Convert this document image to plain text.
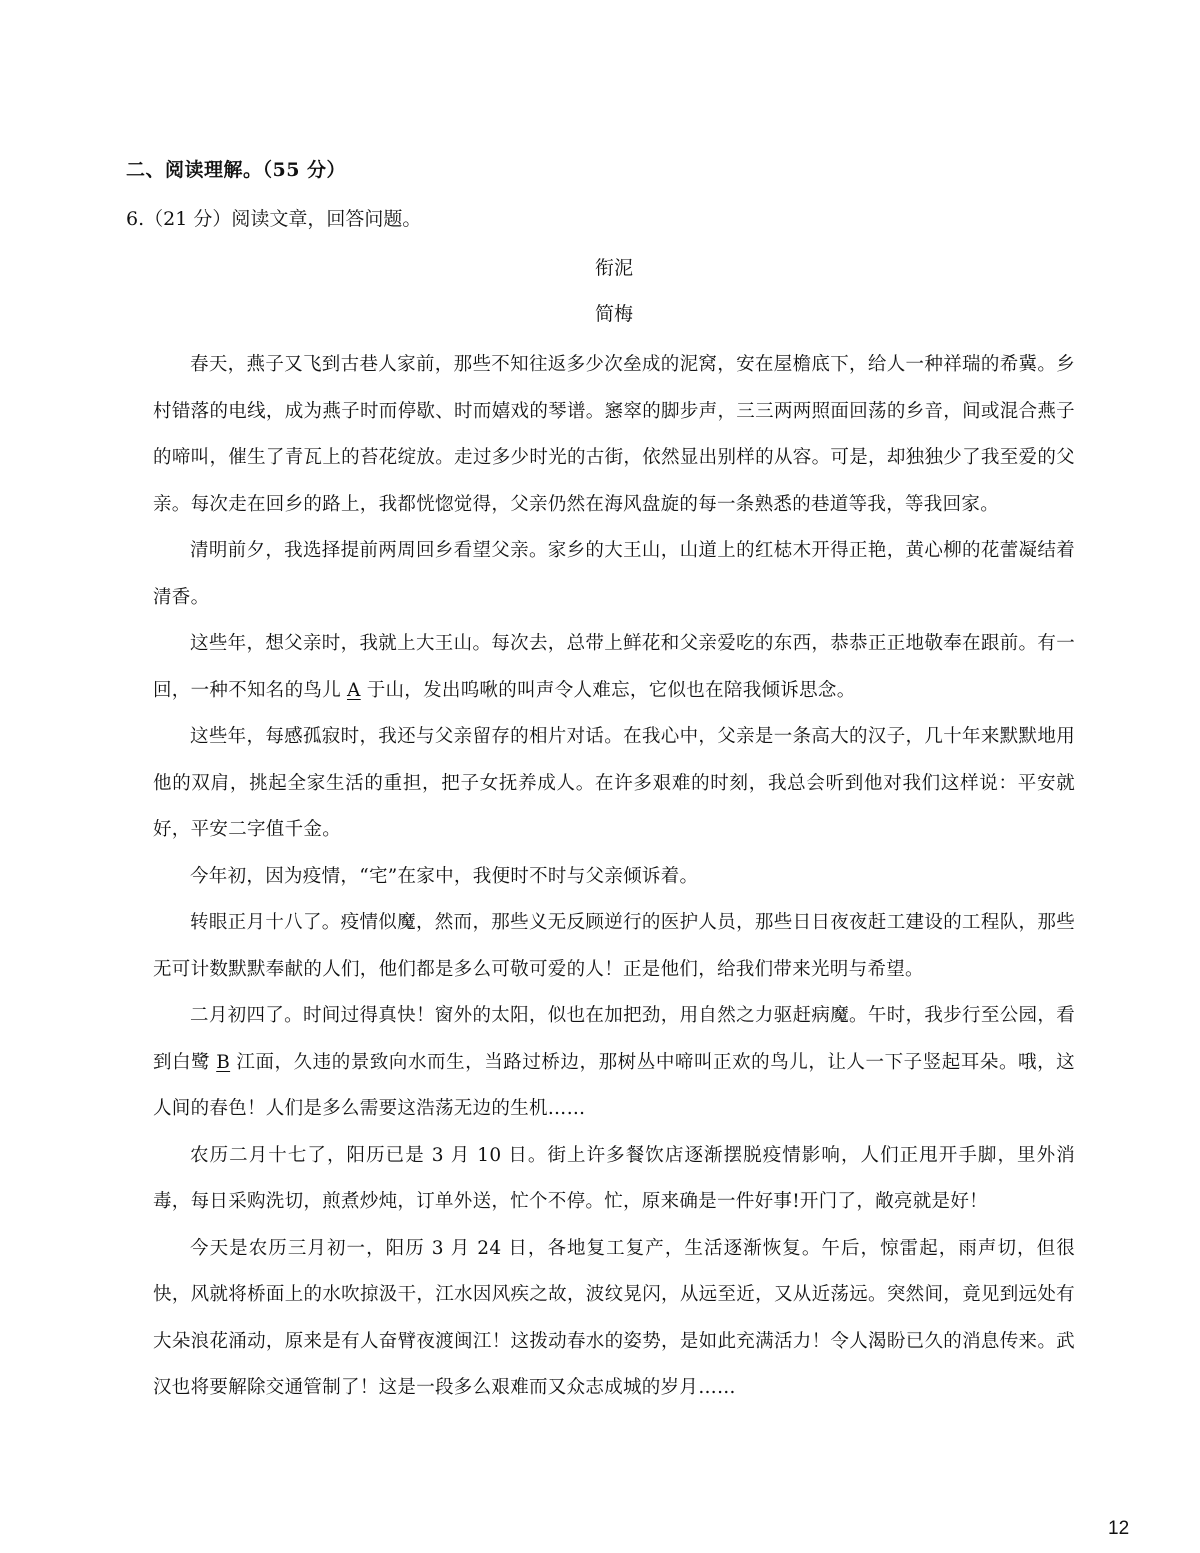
二、阅读理解。（55 分）
6.（21 分）阅读文章，回答问题。
衔泥
简梅

春天，燕子又飞到古巷人家前，那些不知往返多少次垒成的泥窝，安在屋檐底下，给人一种祥瑞的希冀。乡村错落的电线，成为燕子时而停歇、时而嬉戏的琴谱。窸窣的脚步声，三三两两照面回荡的乡音，间或混合燕子的啼叫，催生了青瓦上的苔花绽放。走过多少时光的古街，依然显出别样的从容。可是，却独独少了我至爱的父亲。每次走在回乡的路上，我都恍惚觉得，父亲仍然在海风盘旋的每一条熟悉的巷道等我，等我回家。

清明前夕，我选择提前两周回乡看望父亲。家乡的大王山，山道上的红梽木开得正艳，黄心柳的花蕾凝结着清香。

这些年，想父亲时，我就上大王山。每次去，总带上鲜花和父亲爱吃的东西，恭恭正正地敬奉在跟前。有一回，一种不知名的鸟儿 A 于山，发出呜啾的叫声令人难忘，它似也在陪我倾诉思念。

这些年，每感孤寂时，我还与父亲留存的相片对话。在我心中，父亲是一条高大的汉子，几十年来默默地用他的双肩，挑起全家生活的重担，把子女抚养成人。在许多艰难的时刻，我总会听到他对我们这样说：平安就好，平安二字值千金。

今年初，因为疫情，“宅”在家中，我便时不时与父亲倾诉着。

转眼正月十八了。疫情似魔，然而，那些义无反顾逆行的医护人员，那些日日夜夜赶工建设的工程队，那些无可计数默默奉献的人们，他们都是多么可敬可爱的人！正是他们，给我们带来光明与希望。

二月初四了。时间过得真快！窗外的太阳，似也在加把劲，用自然之力驱赶病魔。午时，我步行至公园，看到白鹭 B 江面，久违的景致向水而生，当路过桥边，那树丛中啼叫正欢的鸟儿，让人一下子竖起耳朵。哦，这人间的春色！人们是多么需要这浩荡无边的生机……

农历二月十七了，阳历已是 3 月 10 日。街上许多餐饮店逐渐摆脱疫情影响，人们正甩开手脚，里外消毒，每日采购洗切，煎煮炒炖，订单外送，忙个不停。忙，原来确是一件好事!开门了，敞亮就是好！

今天是农历三月初一，阳历 3 月 24 日，各地复工复产，生活逐渐恢复。午后，惊雷起，雨声切，但很快，风就将桥面上的水吹掠汲干，江水因风疾之故，波纹晃闪，从远至近，又从近荡远。突然间，竟见到远处有大朵浪花涌动，原来是有人奋臂夜渡闽江！这拨动春水的姿势，是如此充满活力！令人渴盼已久的消息传来。武汉也将要解除交通管制了！这是一段多么艰难而又众志成城的岁月……

12
